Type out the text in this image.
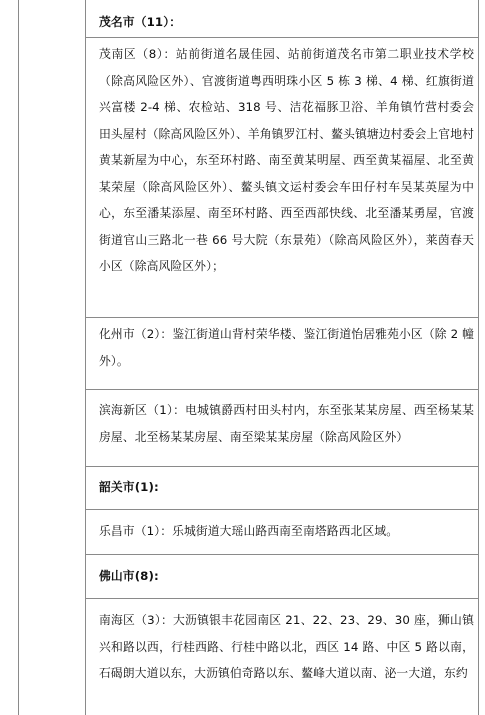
茂名市（11）：

茂南区（8）：站前街道名晟佳园、站前街道茂名市第二职业技术学校（除高风险区外）、官渡街道粤西明珠小区 5 栋 3 梯、4 梯、红旗街道兴富楼 2-4 梯、农检站、318 号、洁花福豚卫浴、羊角镇竹营村委会田头屋村（除高风险区外）、羊角镇罗江村、鳌头镇塘边村委会上官地村黄某新屋为中心，东至环村路、南至黄某明屋、西至黄某福屋、北至黄某荣屋（除高风险区外）、鳌头镇文运村委会车田仔村车吴某英屋为中心，东至潘某添屋、南至环村路、西至西部快线、北至潘某勇屋，官渡街道官山三路北一巷 66 号大院（东景苑）（除高风险区外），莱茵春天小区（除高风险区外）；

化州市（2）：鉴江街道山背村荣华楼、鉴江街道怡居雅苑小区（除 2 幢外）。

滨海新区（1）：电城镇爵西村田头村内，东至张某某房屋、西至杨某某房屋、北至杨某某房屋、南至梁某某房屋（除高风险区外）

韶关市(1):

乐昌市（1）：乐城街道大瑶山路西南至南塔路西北区域。

佛山市(8):

南海区（3）：大沥镇银丰花园南区 21、22、23、29、30 座，狮山镇兴和路以西，行桂西路、行桂中路以北，西区 14 路、中区 5 路以南，石碣朗大道以东，大沥镇伯奇路以东、鳌峰大道以南、泌一大道，东约
